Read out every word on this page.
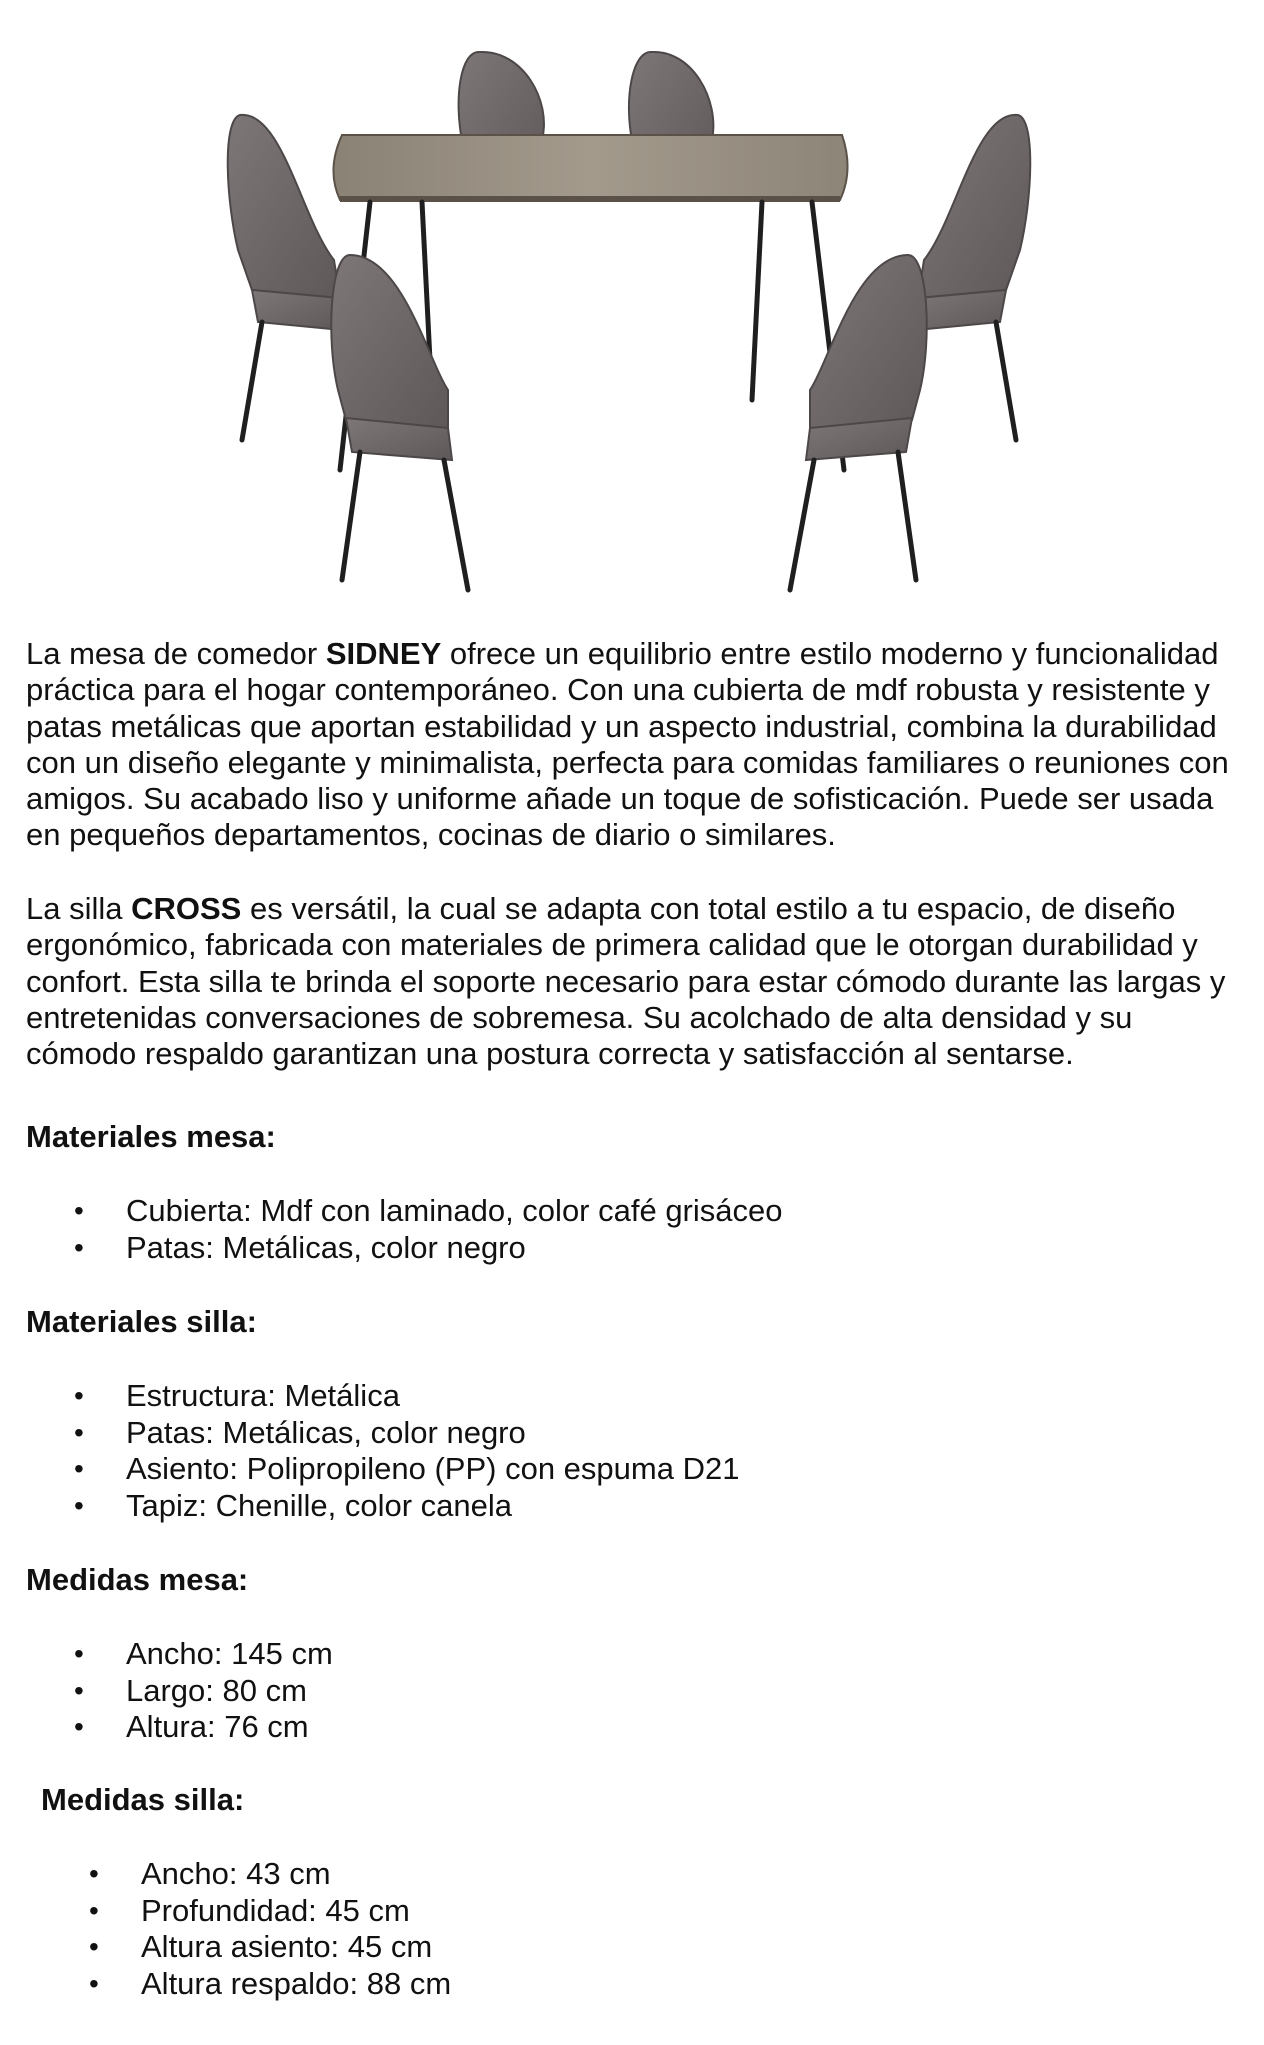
La mesa de comedor SIDNEY ofrece un equilibrio entre estilo moderno y funcionalidad práctica para el hogar contemporáneo. Con una cubierta de mdf robusta y resistente y patas metálicas que aportan estabilidad y un aspecto industrial, combina la durabilidad con un diseño elegante y minimalista, perfecta para comidas familiares o reuniones con amigos. Su acabado liso y uniforme añade un toque de sofisticación. Puede ser usada en pequeños departamentos, cocinas de diario o similares.

La silla CROSS es versátil, la cual se adapta con total estilo a tu espacio, de diseño ergonómico, fabricada con materiales de primera calidad que le otorgan durabilidad y confort. Esta silla te brinda el soporte necesario para estar cómodo durante las largas y entretenidas conversaciones de sobremesa. Su acolchado de alta densidad y su cómodo respaldo garantizan una postura correcta y satisfacción al sentarse.

Materiales mesa:
• Cubierta: Mdf con laminado, color café grisáceo
• Patas: Metálicas, color negro
Materiales silla:
• Estructura: Metálica
• Patas: Metálicas, color negro
• Asiento: Polipropileno (PP) con espuma D21
• Tapiz: Chenille, color canela
Medidas mesa:
• Ancho: 145 cm
• Largo: 80 cm
• Altura: 76 cm
Medidas silla:
• Ancho: 43 cm
• Profundidad: 45 cm
• Altura asiento: 45 cm
• Altura respaldo: 88 cm
